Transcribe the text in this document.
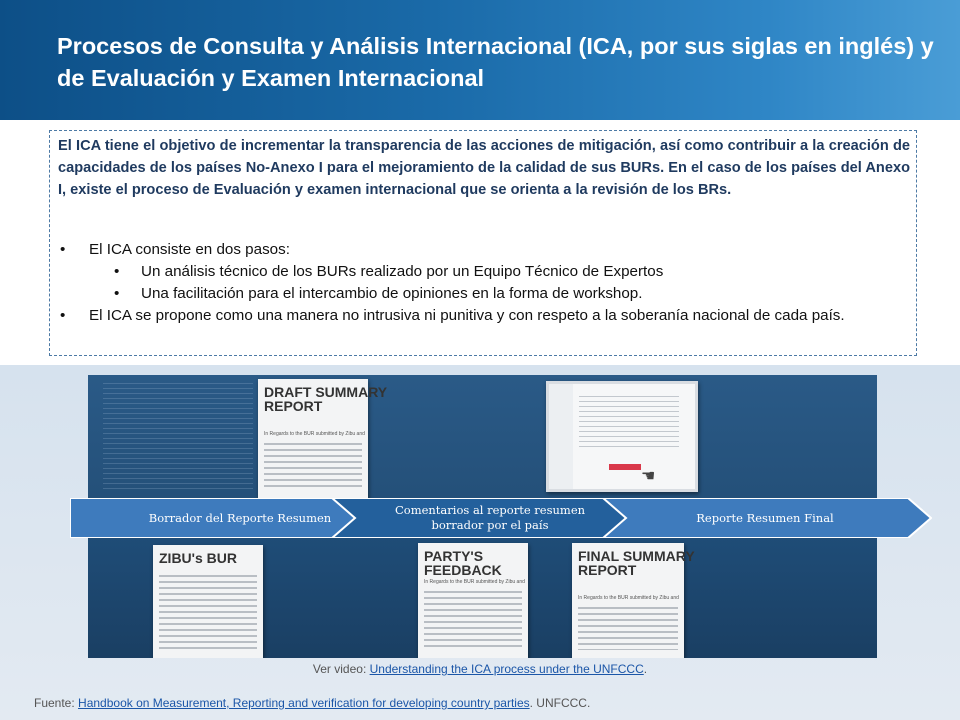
Procesos de Consulta y Análisis Internacional (ICA, por sus siglas en inglés) y de Evaluación y Examen Internacional

El ICA tiene el objetivo de incrementar la transparencia de las acciones de mitigación, así como contribuir a la creación de capacidades de los países No-Anexo I para el mejoramiento de la calidad de sus BURs. En el caso de los países del Anexo I, existe el proceso de Evaluación y examen internacional que se orienta a la revisión de los BRs.

• El ICA consiste en dos pasos:
• Un análisis técnico de los BURs realizado por un Equipo Técnico de Expertos
• Una facilitación para el intercambio de opiniones en la forma de workshop.
• El ICA se propone como una manera no intrusiva ni punitiva y con respeto a la soberanía nacional de cada país.
DRAFT SUMMARY REPORT
In Regards to the BUR submitted by Zibu and
☚
ZIBU's BUR	PARTY'S FEEDBACK
In Regards to the BUR submitted by Zibu and
FINAL SUMMARY REPORT
In Regards to the BUR submitted by Zibu and
Borrador del Reporte Resumen
Comentarios al reporte resumen borrador por el país	Reporte Resumen Final
Ver video: Understanding the ICA process under the UNFCCC.
Fuente: Handbook on Measurement, Reporting and verification for developing country parties. UNFCCC.
